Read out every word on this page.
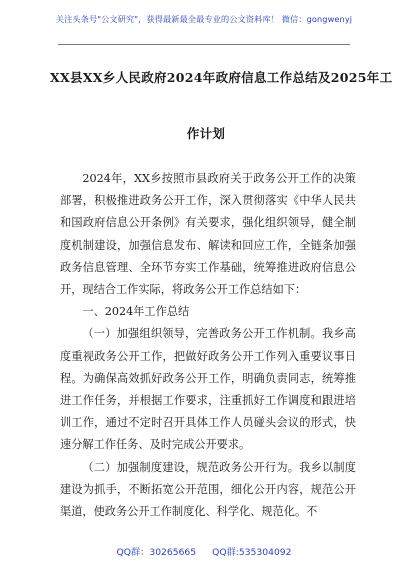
关注头条号"公文研究"，获得最新最全最专业的公文资料库！ 微信：gongwenyj
XX县XX乡人民政府2024年政府信息工作总结及2025年工
作计划

2024年，XX乡按照市县政府关于政务公开工作的决策部署，积极推进政务公开工作，深入贯彻落实《中华人民共和国政府信息公开条例》有关要求，强化组织领导，健全制度机制建设，加强信息发布、解读和回应工作，全链条加强政务信息管理、全环节夯实工作基础，统筹推进政府信息公开，现结合工作实际，将政务公开工作总结如下：

一、2024年工作总结

（一）加强组织领导，完善政务公开工作机制。我乡高度重视政务公开工作，把做好政务公开工作列入重要议事日程。为确保高效抓好政务公开工作，明确负责同志，统筹推进工作任务，并根据工作要求，注重抓好工作调度和跟进培训工作，通过不定时召开具体工作人员碰头会议的形式，快速分解工作任务、及时完成公开要求。

（二）加强制度建设，规范政务公开行为。我乡以制度建设为抓手，不断拓宽公开范围，细化公开内容，规范公开渠道，使政务公开工作制度化、科学化、规范化。不

QQ群：30265665 QQ群:535304092
